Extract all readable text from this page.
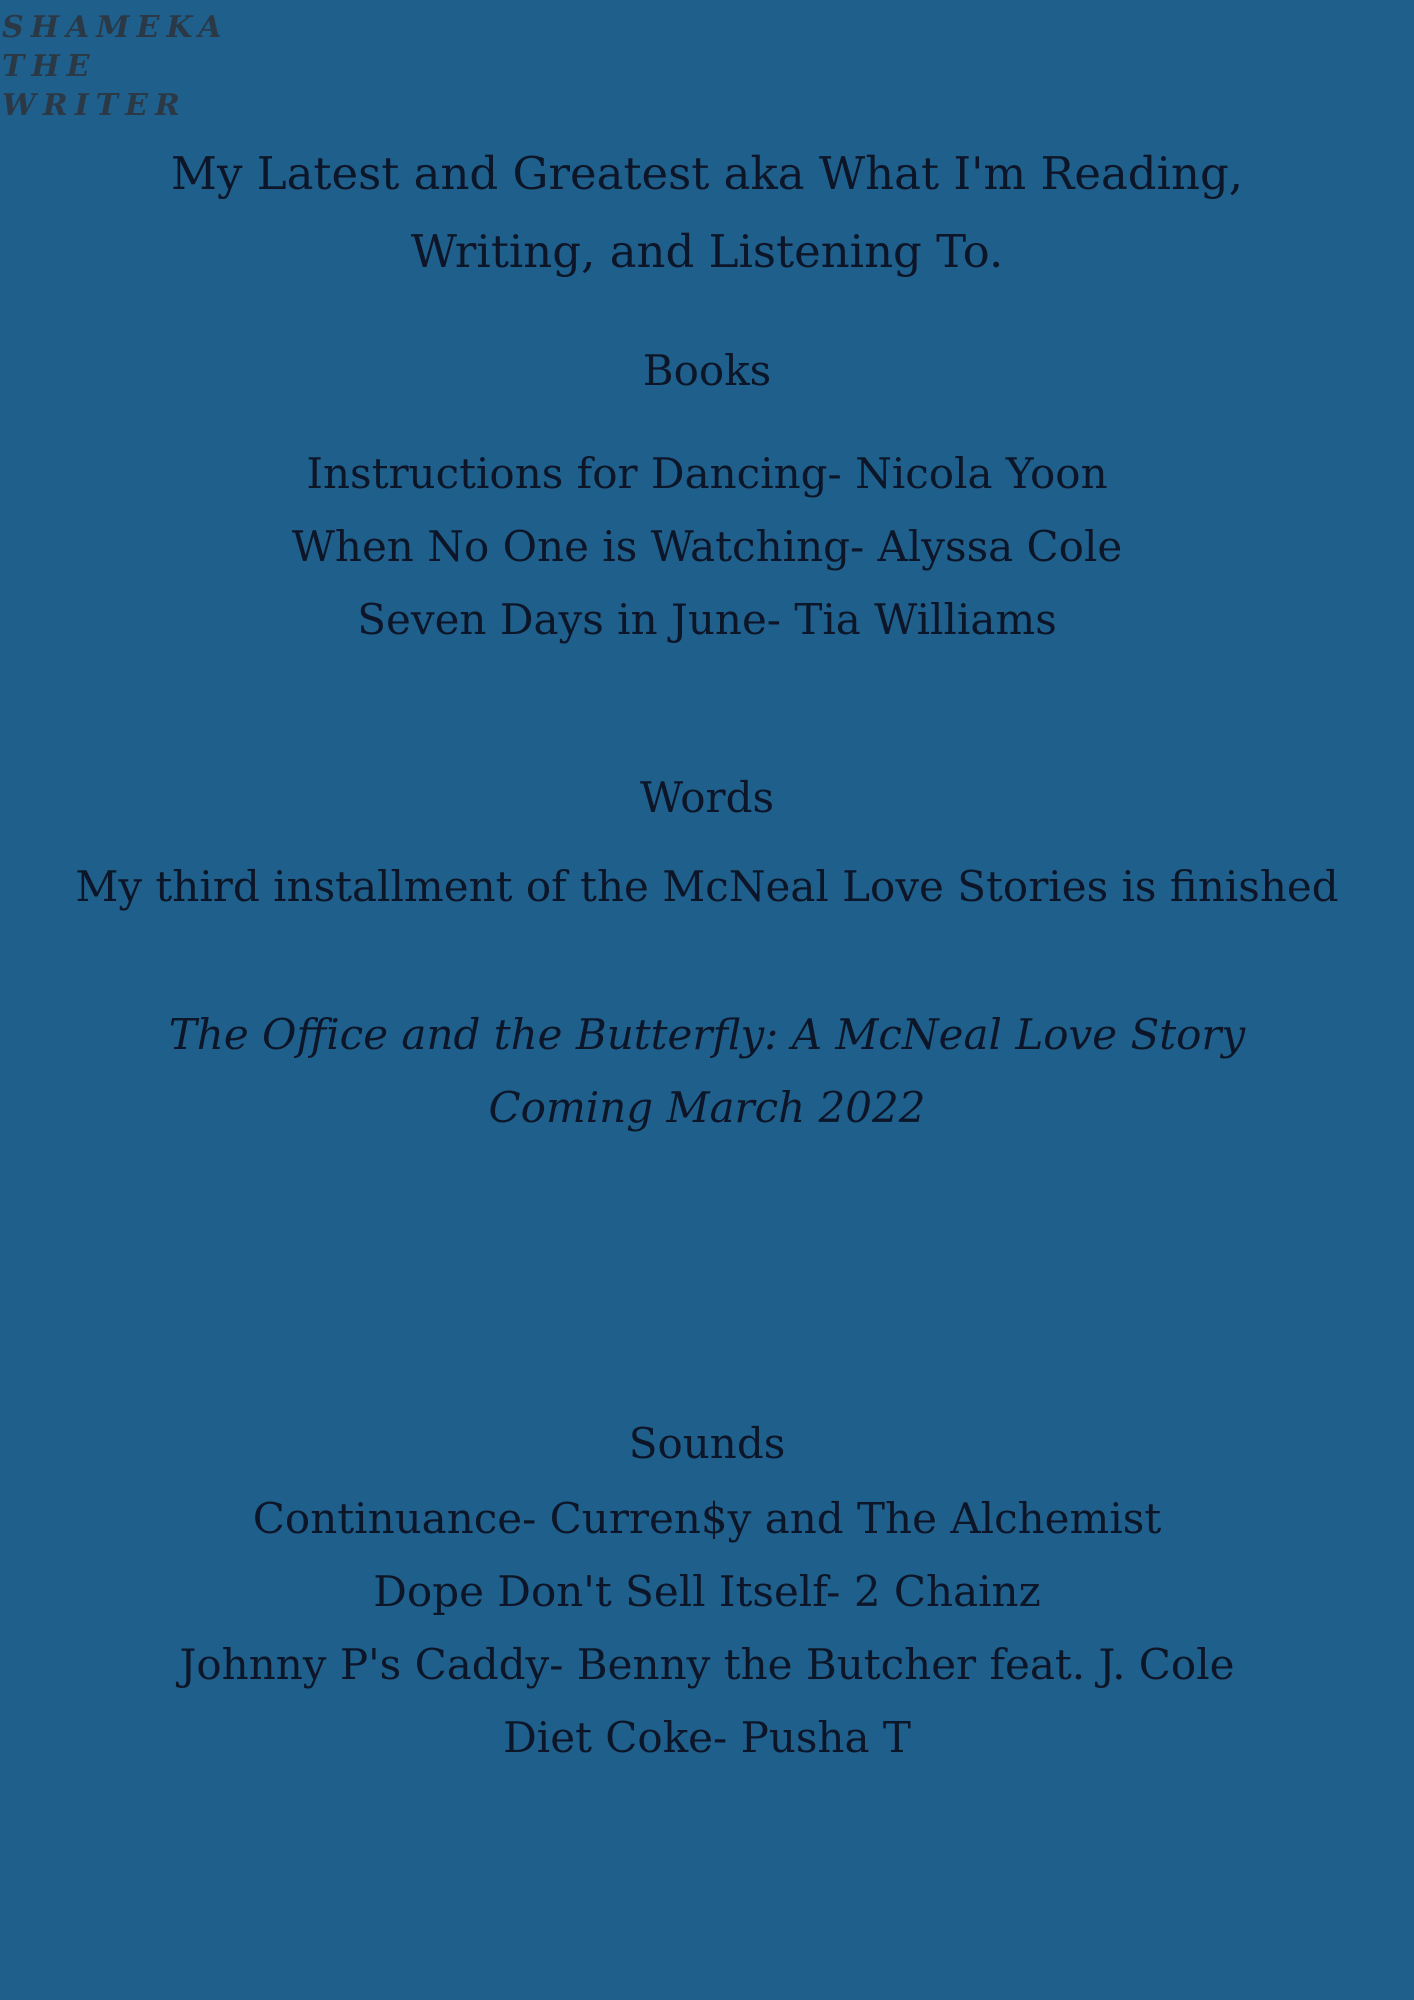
SHAMEKA THE
WRITER
My Latest and Greatest aka What I'm Reading,
Writing, and Listening To.
Books
Instructions for Dancing- Nicola Yoon
When No One is Watching- Alyssa Cole
Seven Days in June- Tia Williams
Words

My third installment of the McNeal Love Stories is finished

The Office and the Butterfly: A McNeal Love Story

Coming March 2022

Sounds
Continuance- Curren$y and The Alchemist
Dope Don't Sell Itself- 2 Chainz
Johnny P's Caddy- Benny the Butcher feat. J. Cole
Diet Coke- Pusha T
